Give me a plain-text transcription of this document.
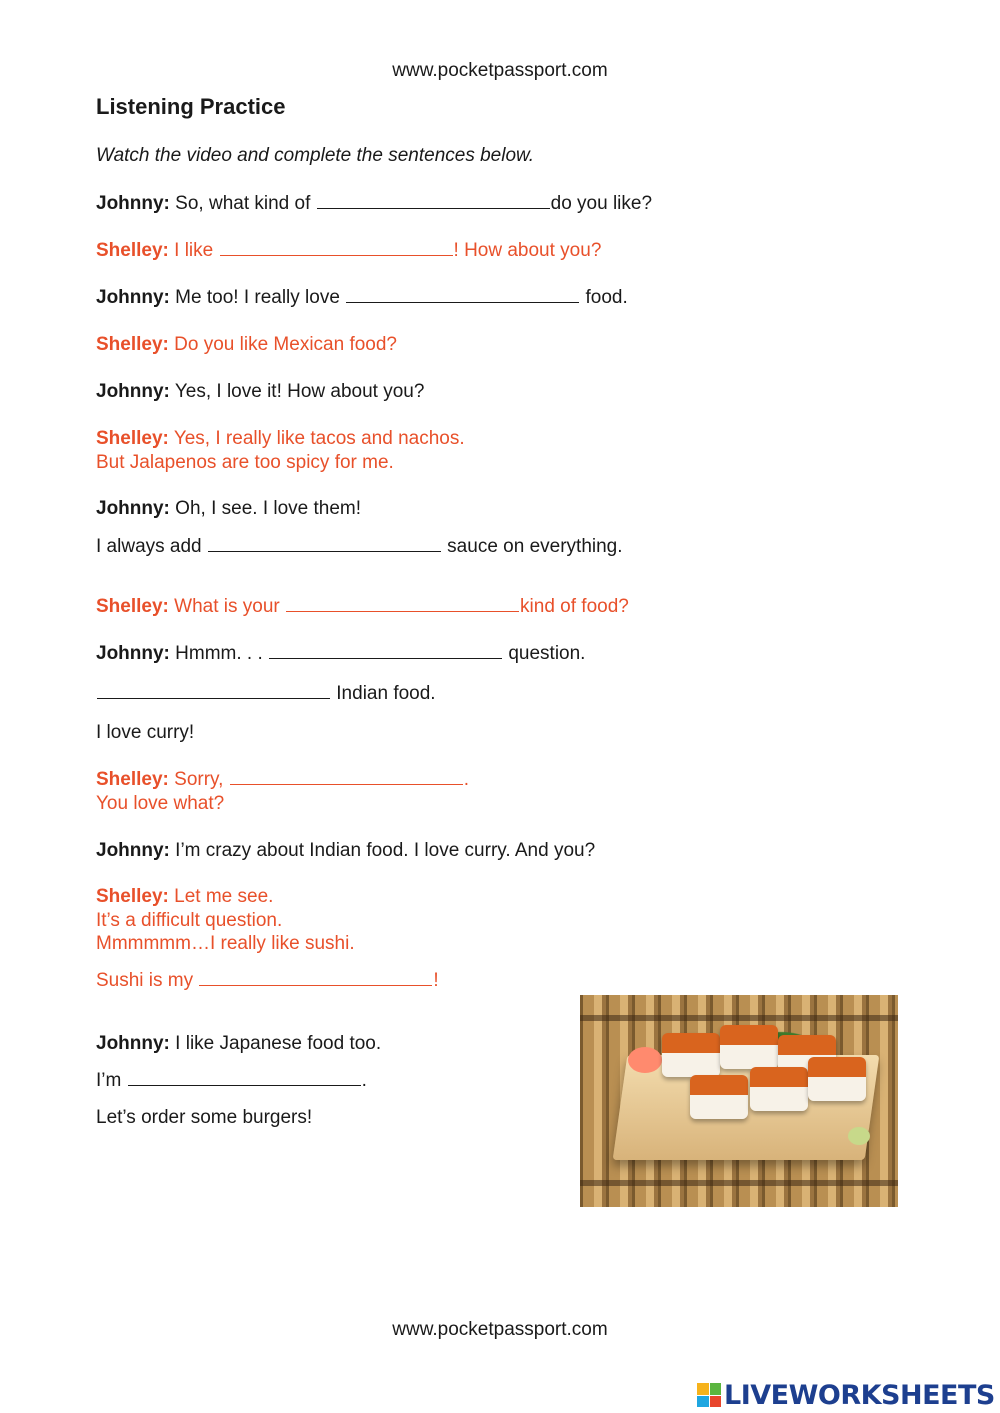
www.pocketpassport.com
Listening Practice
Watch the video and complete the sentences below.
Johnny: So, what kind of	do you like?
Shelley: I like	! How about you?
Johnny: Me too! I really love	food.
Shelley: Do you like Mexican food?
Johnny: Yes, I love it! How about you?
Shelley: Yes, I really like tacos and nachos.
But Jalapenos are too spicy for me.
Johnny: Oh, I see. I love them!
I always add	sauce on everything.
Shelley: What is your	kind of food?
Johnny: Hmmm. . .	question.
Indian food.
I love curry!
Shelley: Sorry,	.
You love what?
Johnny: I’m crazy about Indian food. I love curry. And you?
Shelley: Let me see.
It’s a difficult question.
Mmmmmm…I really like sushi.
Sushi is my	!
Johnny: I like Japanese food too.
I’m	.
Let’s order some burgers!
www.pocketpassport.com
LIVEWORKSHEETS
